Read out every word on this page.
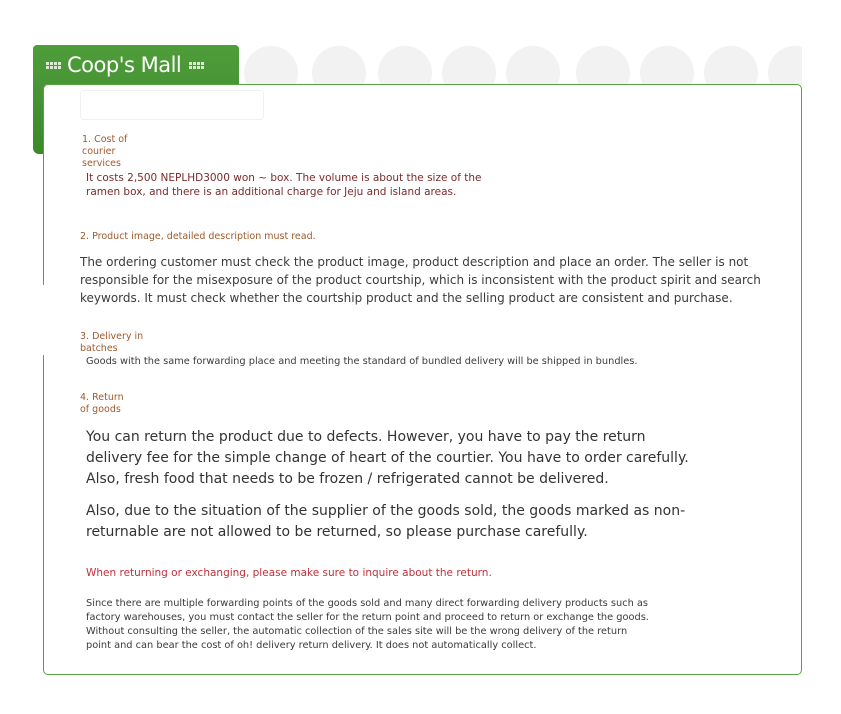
Coop's Mall

1. Cost of

courier

services

It costs 2,500 NEPLHD3000 won ~ box. The volume is about the size of the

ramen box, and there is an additional charge for Jeju and island areas.

2. Product image, detailed description must read.

The ordering customer must check the product image, product description and place an order. The seller is not

responsible for the misexposure of the product courtship, which is inconsistent with the product spirit and search

keywords. It must check whether the courtship product and the selling product are consistent and purchase.

3. Delivery in

batches

Goods with the same forwarding place and meeting the standard of bundled delivery will be shipped in bundles.

4. Return

of goods

You can return the product due to defects. However, you have to pay the return

delivery fee for the simple change of heart of the courtier. You have to order carefully.

Also, fresh food that needs to be frozen / refrigerated cannot be delivered.

Also, due to the situation of the supplier of the goods sold, the goods marked as non-

returnable are not allowed to be returned, so please purchase carefully.

When returning or exchanging, please make sure to inquire about the return.

Since there are multiple forwarding points of the goods sold and many direct forwarding delivery products such as

factory warehouses, you must contact the seller for the return point and proceed to return or exchange the goods.

Without consulting the seller, the automatic collection of the sales site will be the wrong delivery of the return

point and can bear the cost of oh! delivery return delivery. It does not automatically collect.
